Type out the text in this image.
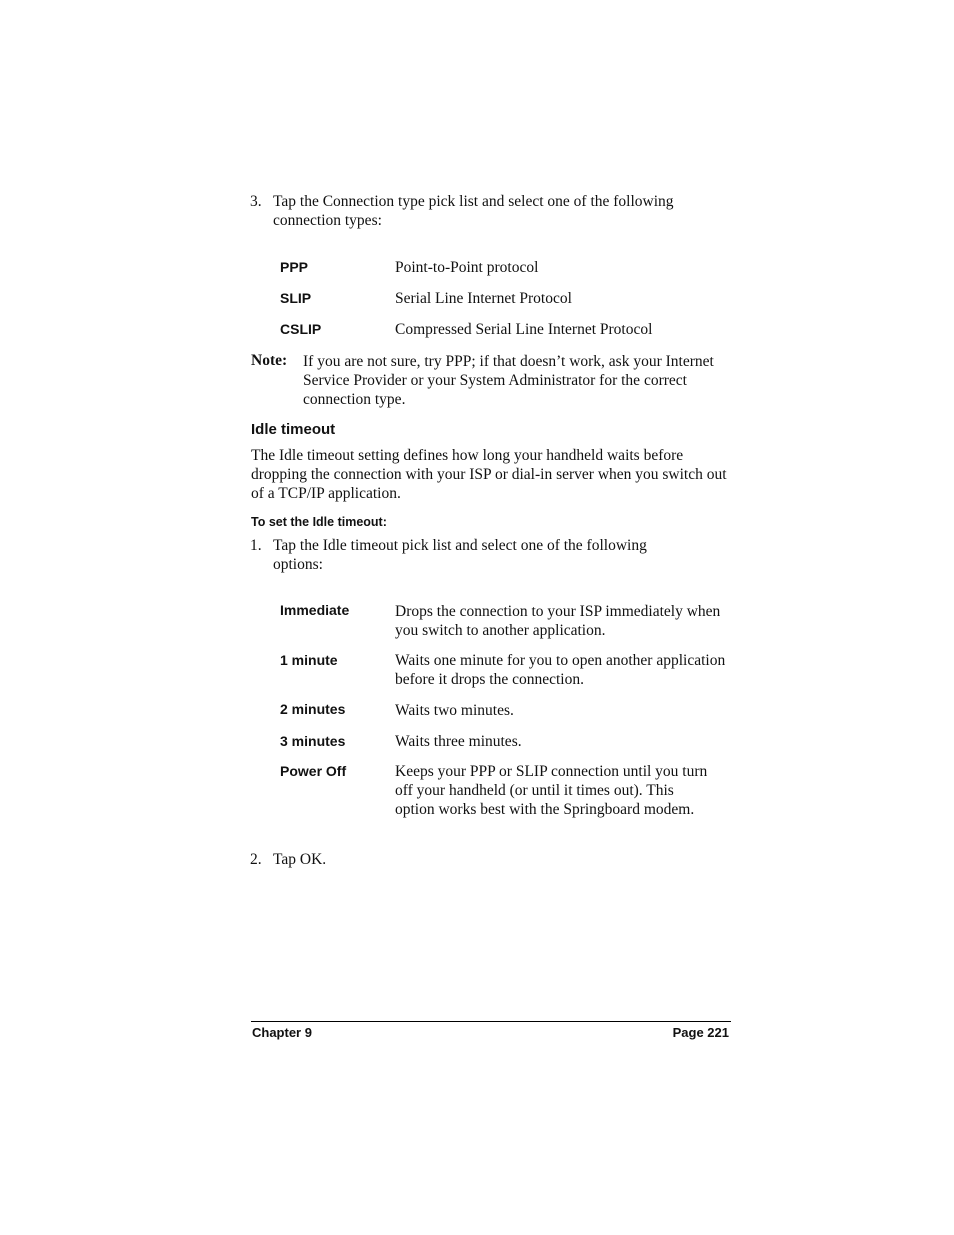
3. Tap the Connection type pick list and select one of the following connection types:
PPP	Point-to-Point protocol
SLIP	Serial Line Internet Protocol
CSLIP	Compressed Serial Line Internet Protocol
Note: If you are not sure, try PPP; if that doesn’t work, ask your Internet Service Provider or your System Administrator for the correct connection type.
Idle timeout
The Idle timeout setting defines how long your handheld waits before dropping the connection with your ISP or dial-in server when you switch out of a TCP/IP application.
To set the Idle timeout:
1. Tap the Idle timeout pick list and select one of the following options:
Immediate	Drops the connection to your ISP immediately when you switch to another application.
1 minute	Waits one minute for you to open another application before it drops the connection.
2 minutes	Waits two minutes.
3 minutes	Waits three minutes.
Power Off	Keeps your PPP or SLIP connection until you turn off your handheld (or until it times out). This option works best with the Springboard modem.
2. Tap OK.
Chapter 9	Page 221
